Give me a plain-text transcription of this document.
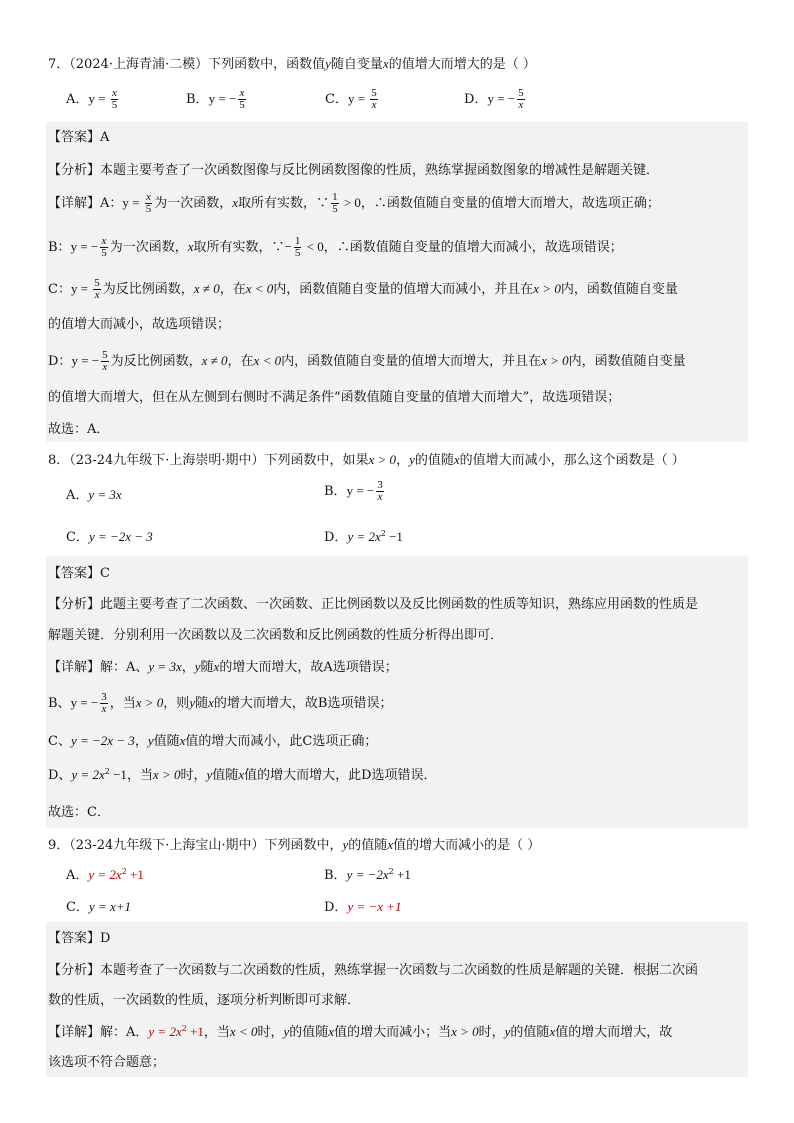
7．（2024·上海青浦·二模）下列函数中，函数值y随自变量x的值增大而增大的是（ ）
A．$y = \frac{x}{5}$	B．y = − $\frac{x}{5}$	C．$y = \frac{5}{x}$	D．y = − $\frac{5}{x}$
【答案】A
【分析】本题主要考查了一次函数图像与反比例函数图像的性质，熟练掌握函数图象的增减性是解题关键．
【详解】A：$y = \frac{x}{5}$ 为一次函数，x取所有实数，∵ $\frac{1}{5} > 0$，∴函数值随自变量的值增大而增大，故选项正确；
B：y = − $\frac{x}{5}$ 为一次函数，x取所有实数，∵− $\frac{1}{5} < 0$，∴函数值随自变量的值增大而减小，故选项错误；
C：$y = \frac{5}{x}$ 为反比例函数，x ≠ 0，在x < 0内，函数值随自变量的值增大而减小，并且在x > 0内，函数值随自变量
的值增大而减小，故选项错误；
D：y = − $\frac{5}{x}$ 为反比例函数，x ≠ 0，在x < 0内，函数值随自变量的值增大而增大，并且在x > 0内，函数值随自变量
的值增大而增大，但在从左侧到右侧时不满足条件“函数值随自变量的值增大而增大”，故选项错误；
故选：A．
8．（23-24九年级下·上海崇明·期中）下列函数中，如果x > 0，y的值随x的值增大而减小，那么这个函数是（ ）
A．y = 3x	B．y = − $\frac{3}{x}$
C．y = −2x − 3	D．$y = 2x^2 -1$
【答案】C
【分析】此题主要考查了二次函数、一次函数、正比例函数以及反比例函数的性质等知识，熟练应用函数的性质是
解题关键．分别利用一次函数以及二次函数和反比例函数的性质分析得出即可．
【详解】解：A、y = 3x，y随x的增大而增大，故A选项错误；
B、y = − $\frac{3}{x}$ ，当x > 0，则y随x的增大而增大，故B选项错误；
C、y = −2x − 3，y值随x值的增大而减小，此C选项正确；
D、$y = 2x^2 -1$，当x > 0时，y值随x值的增大而增大，此D选项错误．
故选：C．
9．（23-24九年级下·上海宝山·期中）下列函数中，y的值随x值的增大而减小的是（ ）
A．$y = 2x^2 +1$	B．$y = -2x^2 +1$
C．y = x+1	D．y = −x +1
【答案】D
【分析】本题考查了一次函数与二次函数的性质，熟练掌握一次函数与二次函数的性质是解题的关键．根据二次函
数的性质，一次函数的性质，逐项分析判断即可求解．
【详解】解：A．$y = 2x^2 +1$，当x < 0时，y的值随x值的增大而减小；当x > 0时，y的值随x值的增大而增大，故
该选项不符合题意；
